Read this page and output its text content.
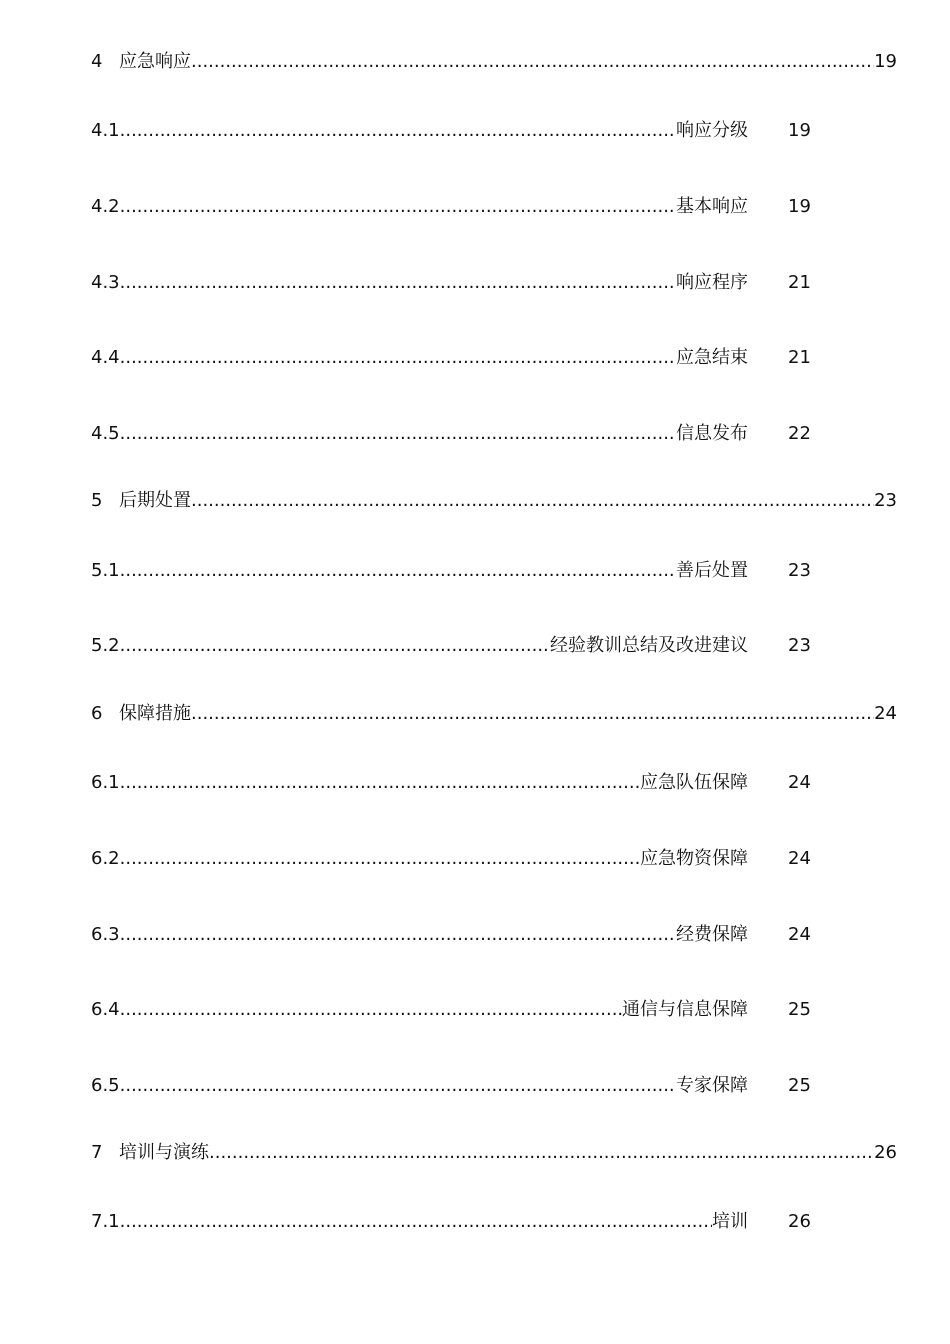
4 应急响应 .....	19
4.1 .....	响应分级 19
4.2 .....	基本响应 19
4.3 .....	响应程序 21
4.4 .....	应急结束 21
4.5 .....	信息发布 22
5 后期处置 .....	23
5.1 .....	善后处置 23
5.2 .....	经验教训总结及改进建议 23
6 保障措施 .....	24
6.1 .....	应急队伍保障 24
6.2 .....	应急物资保障 24
6.3 .....	经费保障 24
6.4 .....	通信与信息保障 25
6.5 .....	专家保障 25
7 培训与演练 .....	26
7.1 .....	培训 26
